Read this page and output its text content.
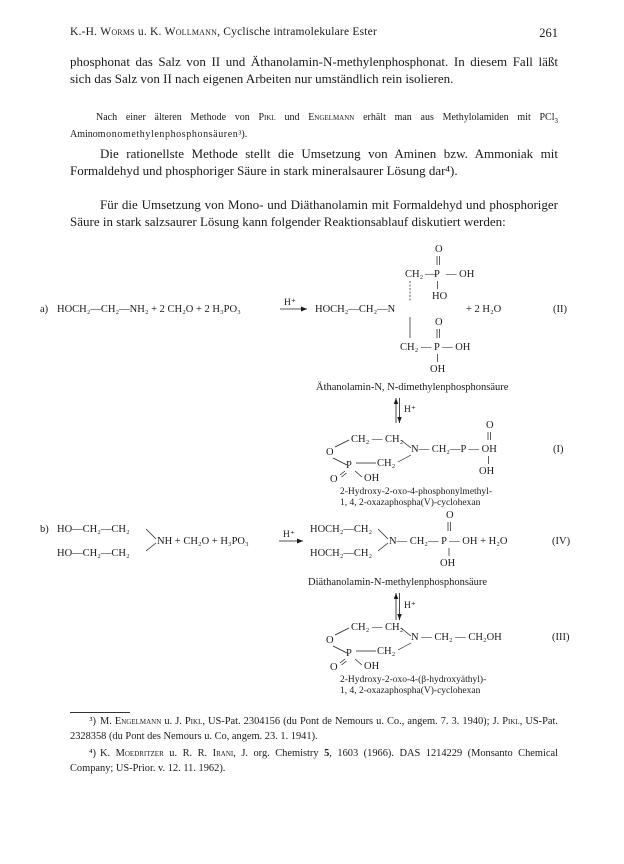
K.-H. Worms u. K. Wollmann, Cyclische intramolekulare Ester	261

phosphonat das Salz von II und Äthanolamin-N-methylenphosphonat. In diesem Fall läßt sich das Salz von II nach eigenen Arbeiten nur umständlich rein isolieren.

Nach einer älteren Methode von Pikl und Engelmann erhält man aus Methylolamiden mit PCl$_3$ Aminomonomethylenphosphonsäuren³).

Die rationellste Methode stellt die Umsetzung von Aminen bzw. Ammoniak mit Formaldehyd und phosphoriger Säure in stark mineralsaurer Lösung dar⁴).

Für die Umsetzung von Mono- und Diäthanolamin mit Formaldehyd und phosphoriger Säure in stark salzsaurer Lösung kann folgender Reaktionsablauf diskutiert werden:

O
CH₂ —
P — OH
HO
a) HOCH₂—CH₂—NH₂ + 2 CH₂O + 2 H₃PO₃
H⁺
HOCH₂—CH₂—N	+ 2 H₂O	(II)
O
CH₂ — P — OH
OH
Äthanolamin-N, N-dimethylenphosphonsäure
H⁺
O
CH₂ — CH₂
N— CH₂—P — OH
O
P CH₂
O	OH
OH
(I)
2-Hydroxy-2-oxo-4-phosphonylmethyl-
1, 4, 2-oxazaphospha(V)-cyclohexan
b) HO—CH₂—CH₂
HO—CH₂—CH₂
NH + CH₂O + H₃PO₃
H⁺ HOCH₂—CH₂
HOCH₂—CH₂
O
N— CH₂— P — OH + H₂O
OH
(IV)
Diäthanolamin-N-methylenphosphonsäure
H⁺
CH₂ — CH₂
N — CH₂ — CH₂OH
O
P CH₂
O	OH
(III)
2-Hydroxy-2-oxo-4-(β-hydroxyäthyl)-
1, 4, 2-oxazaphospha(V)-cyclohexan

³) M. Engelmann u. J. Pikl, US-Pat. 2304156 (du Pont de Nemours u. Co., angem. 7. 3. 1940); J. Pikl, US-Pat. 2328358 (du Pont des Nemours u. Co, angem. 23. 1. 1941).

⁴) K. Moedritzer u. R. R. Irani, J. org. Chemistry 5, 1603 (1966). DAS 1214229 (Monsanto Chemical Company; US-Prior. v. 12. 11. 1962).
